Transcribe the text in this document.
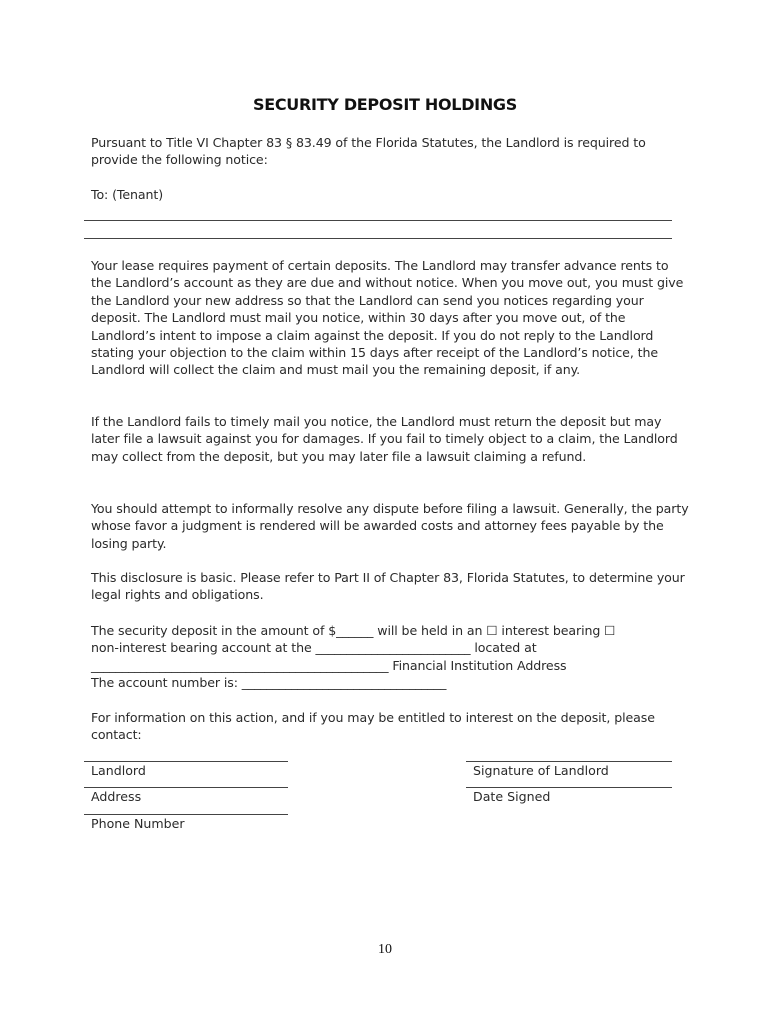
SECURITY DEPOSIT HOLDINGS

Pursuant to Title VI Chapter 83 § 83.49 of the Florida Statutes, the Landlord is required to provide the following notice:

To: (Tenant)

Your lease requires payment of certain deposits. The Landlord may transfer advance rents to the Landlord’s account as they are due and without notice. When you move out, you must give the Landlord your new address so that the Landlord can send you notices regarding your deposit. The Landlord must mail you notice, within 30 days after you move out, of the Landlord’s intent to impose a claim against the deposit. If you do not reply to the Landlord stating your objection to the claim within 15 days after receipt of the Landlord’s notice, the Landlord will collect the claim and must mail you the remaining deposit, if any.

If the Landlord fails to timely mail you notice, the Landlord must return the deposit but may later file a lawsuit against you for damages. If you fail to timely object to a claim, the Landlord may collect from the deposit, but you may later file a lawsuit claiming a refund.

You should attempt to informally resolve any dispute before filing a lawsuit. Generally, the party whose favor a judgment is rendered will be awarded costs and attorney fees payable by the losing party.

This disclosure is basic. Please refer to Part II of Chapter 83, Florida Statutes, to determine your legal rights and obligations.

The security deposit in the amount of $______ will be held in an ☐ interest bearing ☐
non-interest bearing account at the _________________________ located at
________________________________________________ Financial Institution Address
The account number is: _________________________________

For information on this action, and if you may be entitled to interest on the deposit, please contact:

Landlord
Address
Phone Number
Signature of Landlord
Date Signed
10
